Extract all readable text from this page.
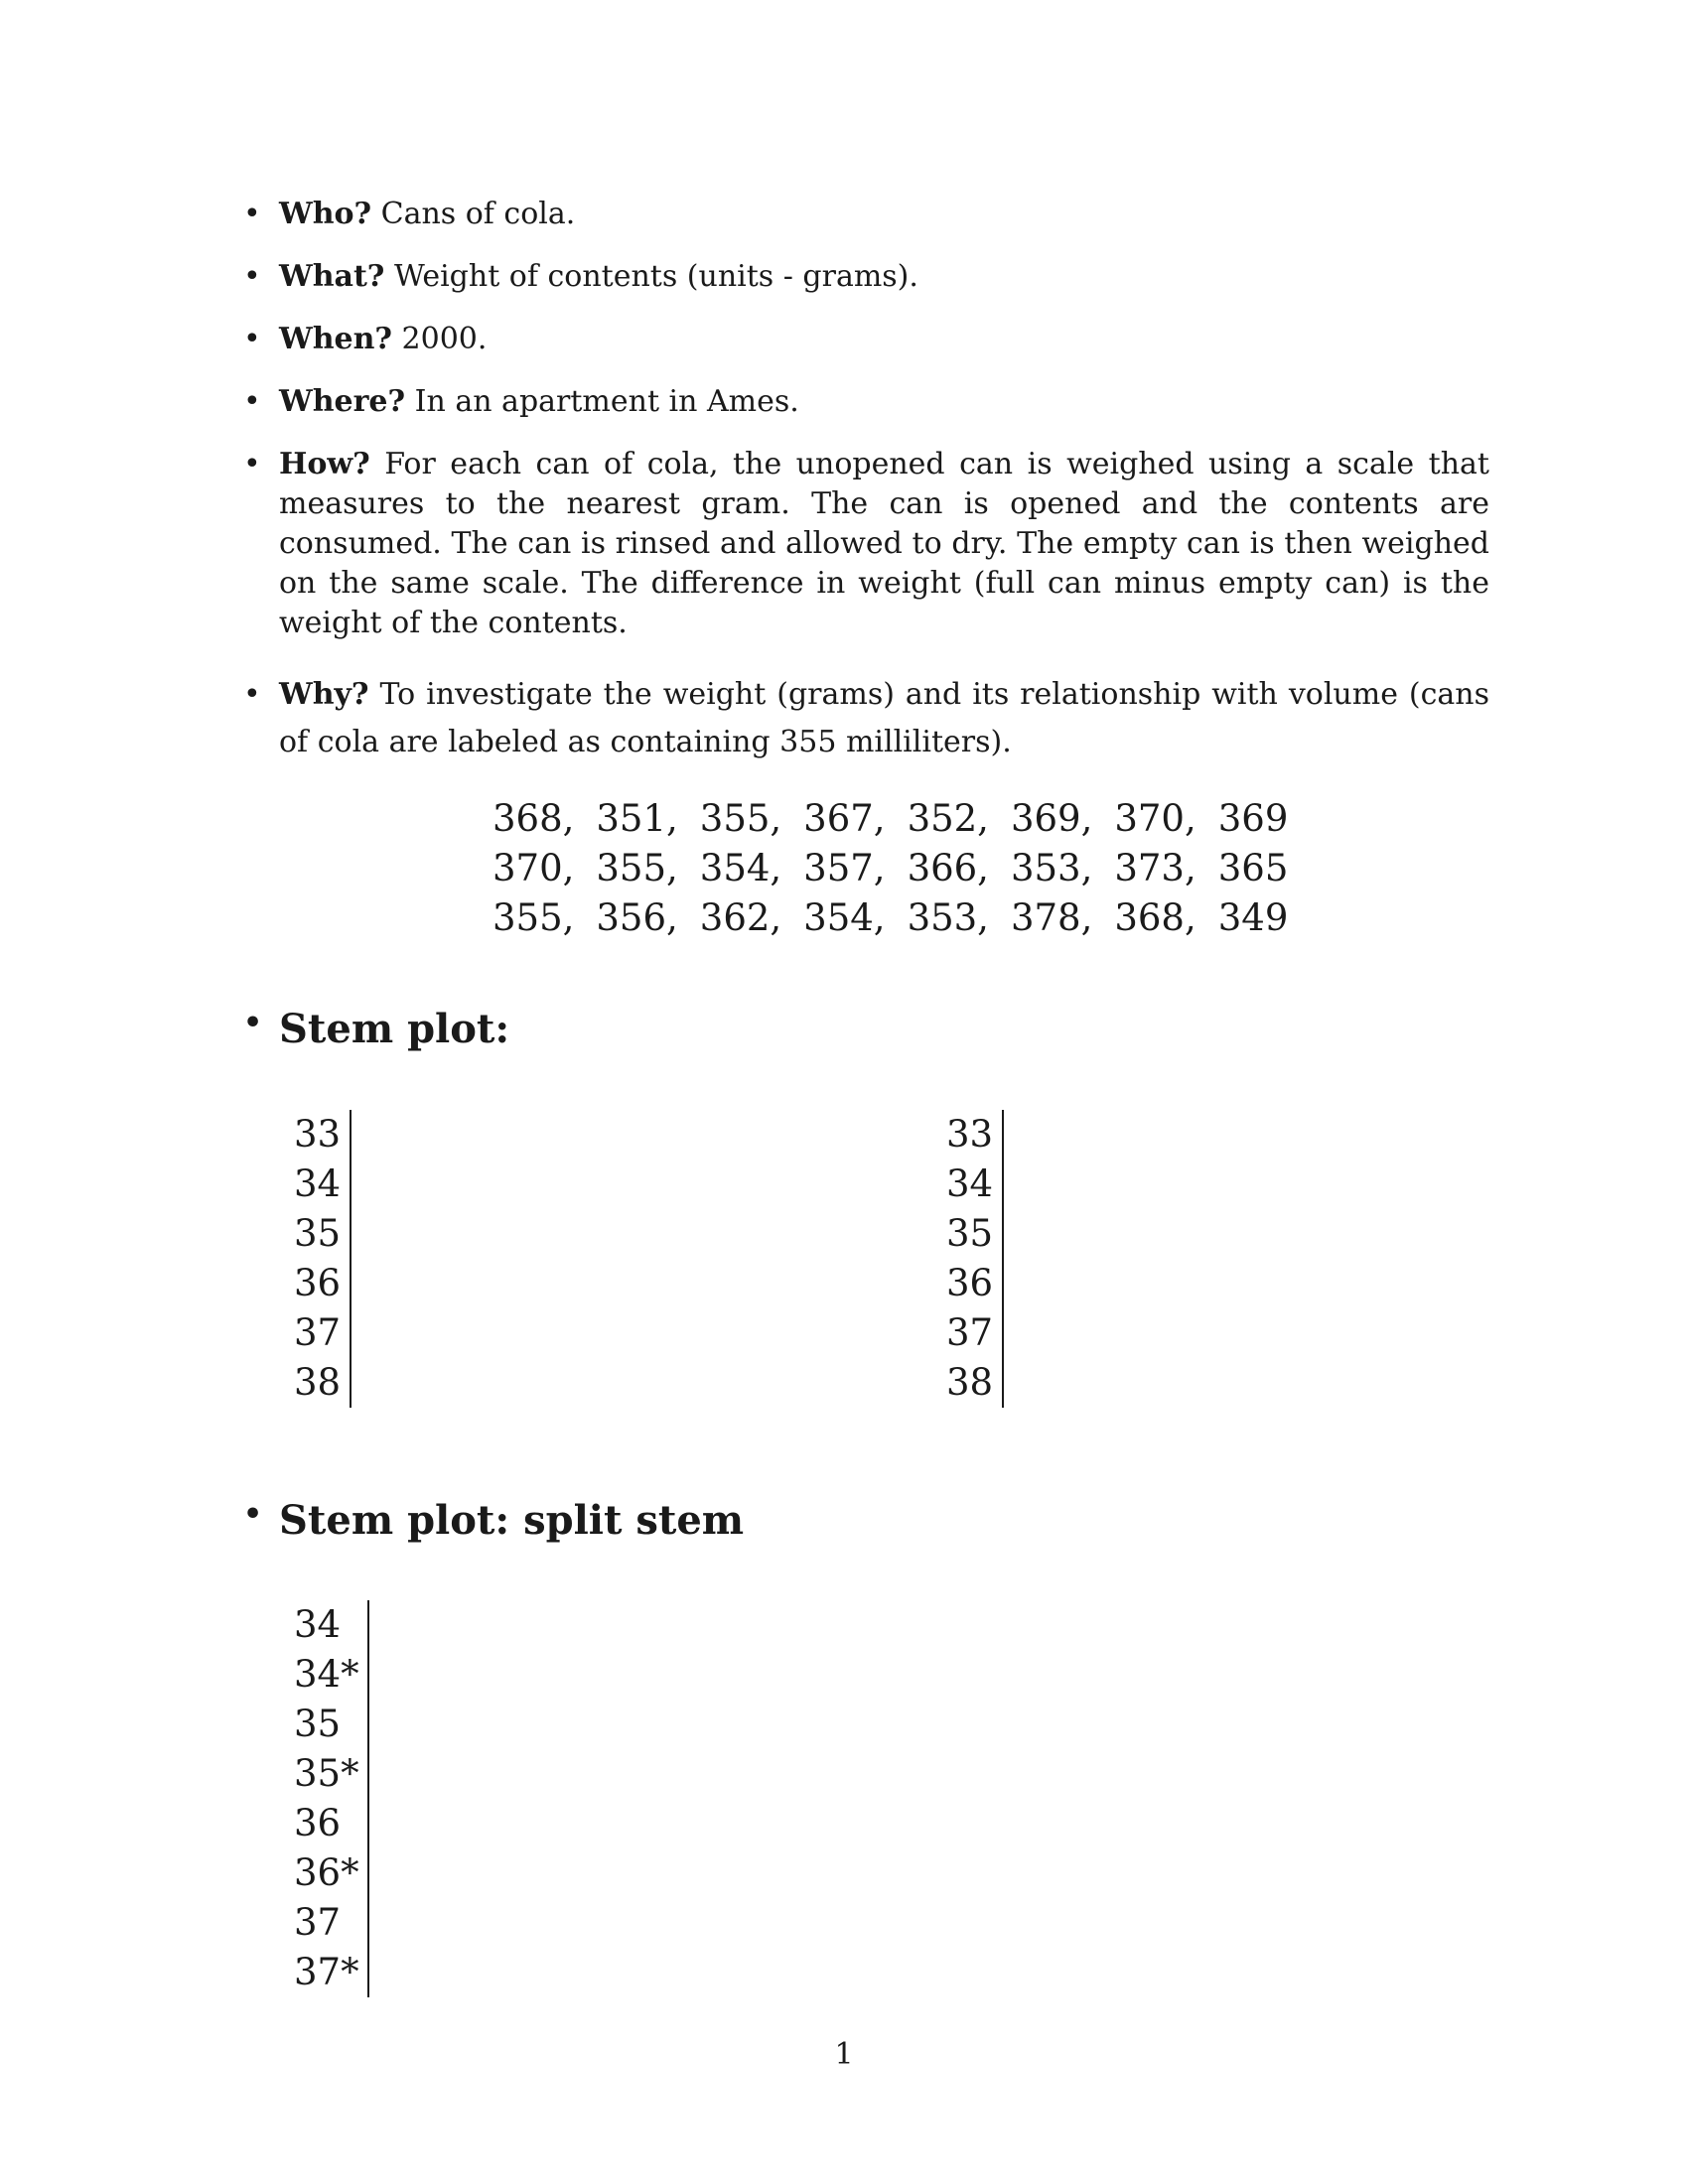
• Who? Cans of cola.
• What? Weight of contents (units - grams).
• When? 2000.
• Where? In an apartment in Ames.
• How? For each can of cola, the unopened can is weighed using a scale that measures to the nearest gram. The can is opened and the contents are consumed. The can is rinsed and allowed to dry. The empty can is then weighed on the same scale. The difference in weight (full can minus empty can) is the weight of the contents.
• Why? To investigate the weight (grams) and its relationship with volume (cans of cola are labeled as containing 355 milliliters).
368,	351,	355,	367,	352,	369,	370,	369
370,	355,	354,	357,	366,	353,	373,	365
355,	356,	362,	354,	353,	378,	368,	349
• Stem plot:
33
34
35
36
37
38
33
34
35
36
37
38
• Stem plot: split stem
34
34*
35
35*
36
36*
37
37*
1
